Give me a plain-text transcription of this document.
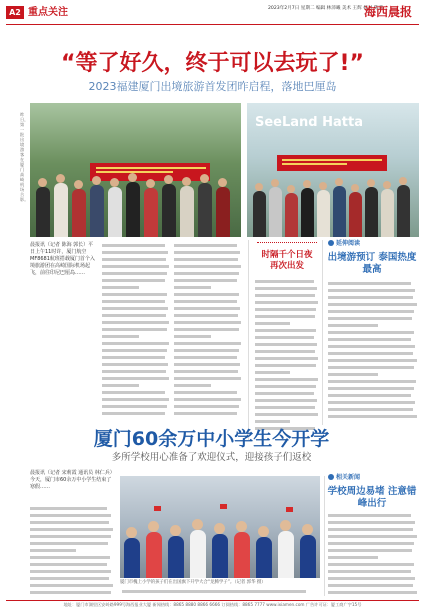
A2 重点关注	2023年2月7日 星期二 编辑 林沛曦 美术 王辉 校对 陈蕾
海西晨报
“等了好久，终于可以去玩了!”
2023福建厦门出境旅游首发团昨启程，落地巴厘岛
昨日，第一批出境游客在厦门高崎机场合影。
SeeLand Hatta
晨报讯（记者 陈海 郭长）平日上午11时许，厦门航空MF8681航班搭载厦门首个入境旅游团在高崎国际机场起飞，前往印尼巴厘岛……
时隔千个日夜 再次出发
延伸阅读
出境游预订 泰国热度最高
厦门60余万中小学生今开学
多所学校用心准备了欢迎仪式，迎接孩子们返校
晨报讯（记者 宋莉霞 通讯员 林仁兵）今天，厦门市60余万中小学生结束了寒假……
厦门市槐上小学的孩子们在出国旗下开学大合“龙腾学子”。（记者 郭华 摄）
相关新闻
学校周边易堵 注意错峰出行
地址：厦门市湖里区安岭路999号海西报业大厦 新闻热线：8865 8880 8866 6666 订阅热线：8865 7777 www.ixiamen.com 广告许可证：厦工商广字15号
